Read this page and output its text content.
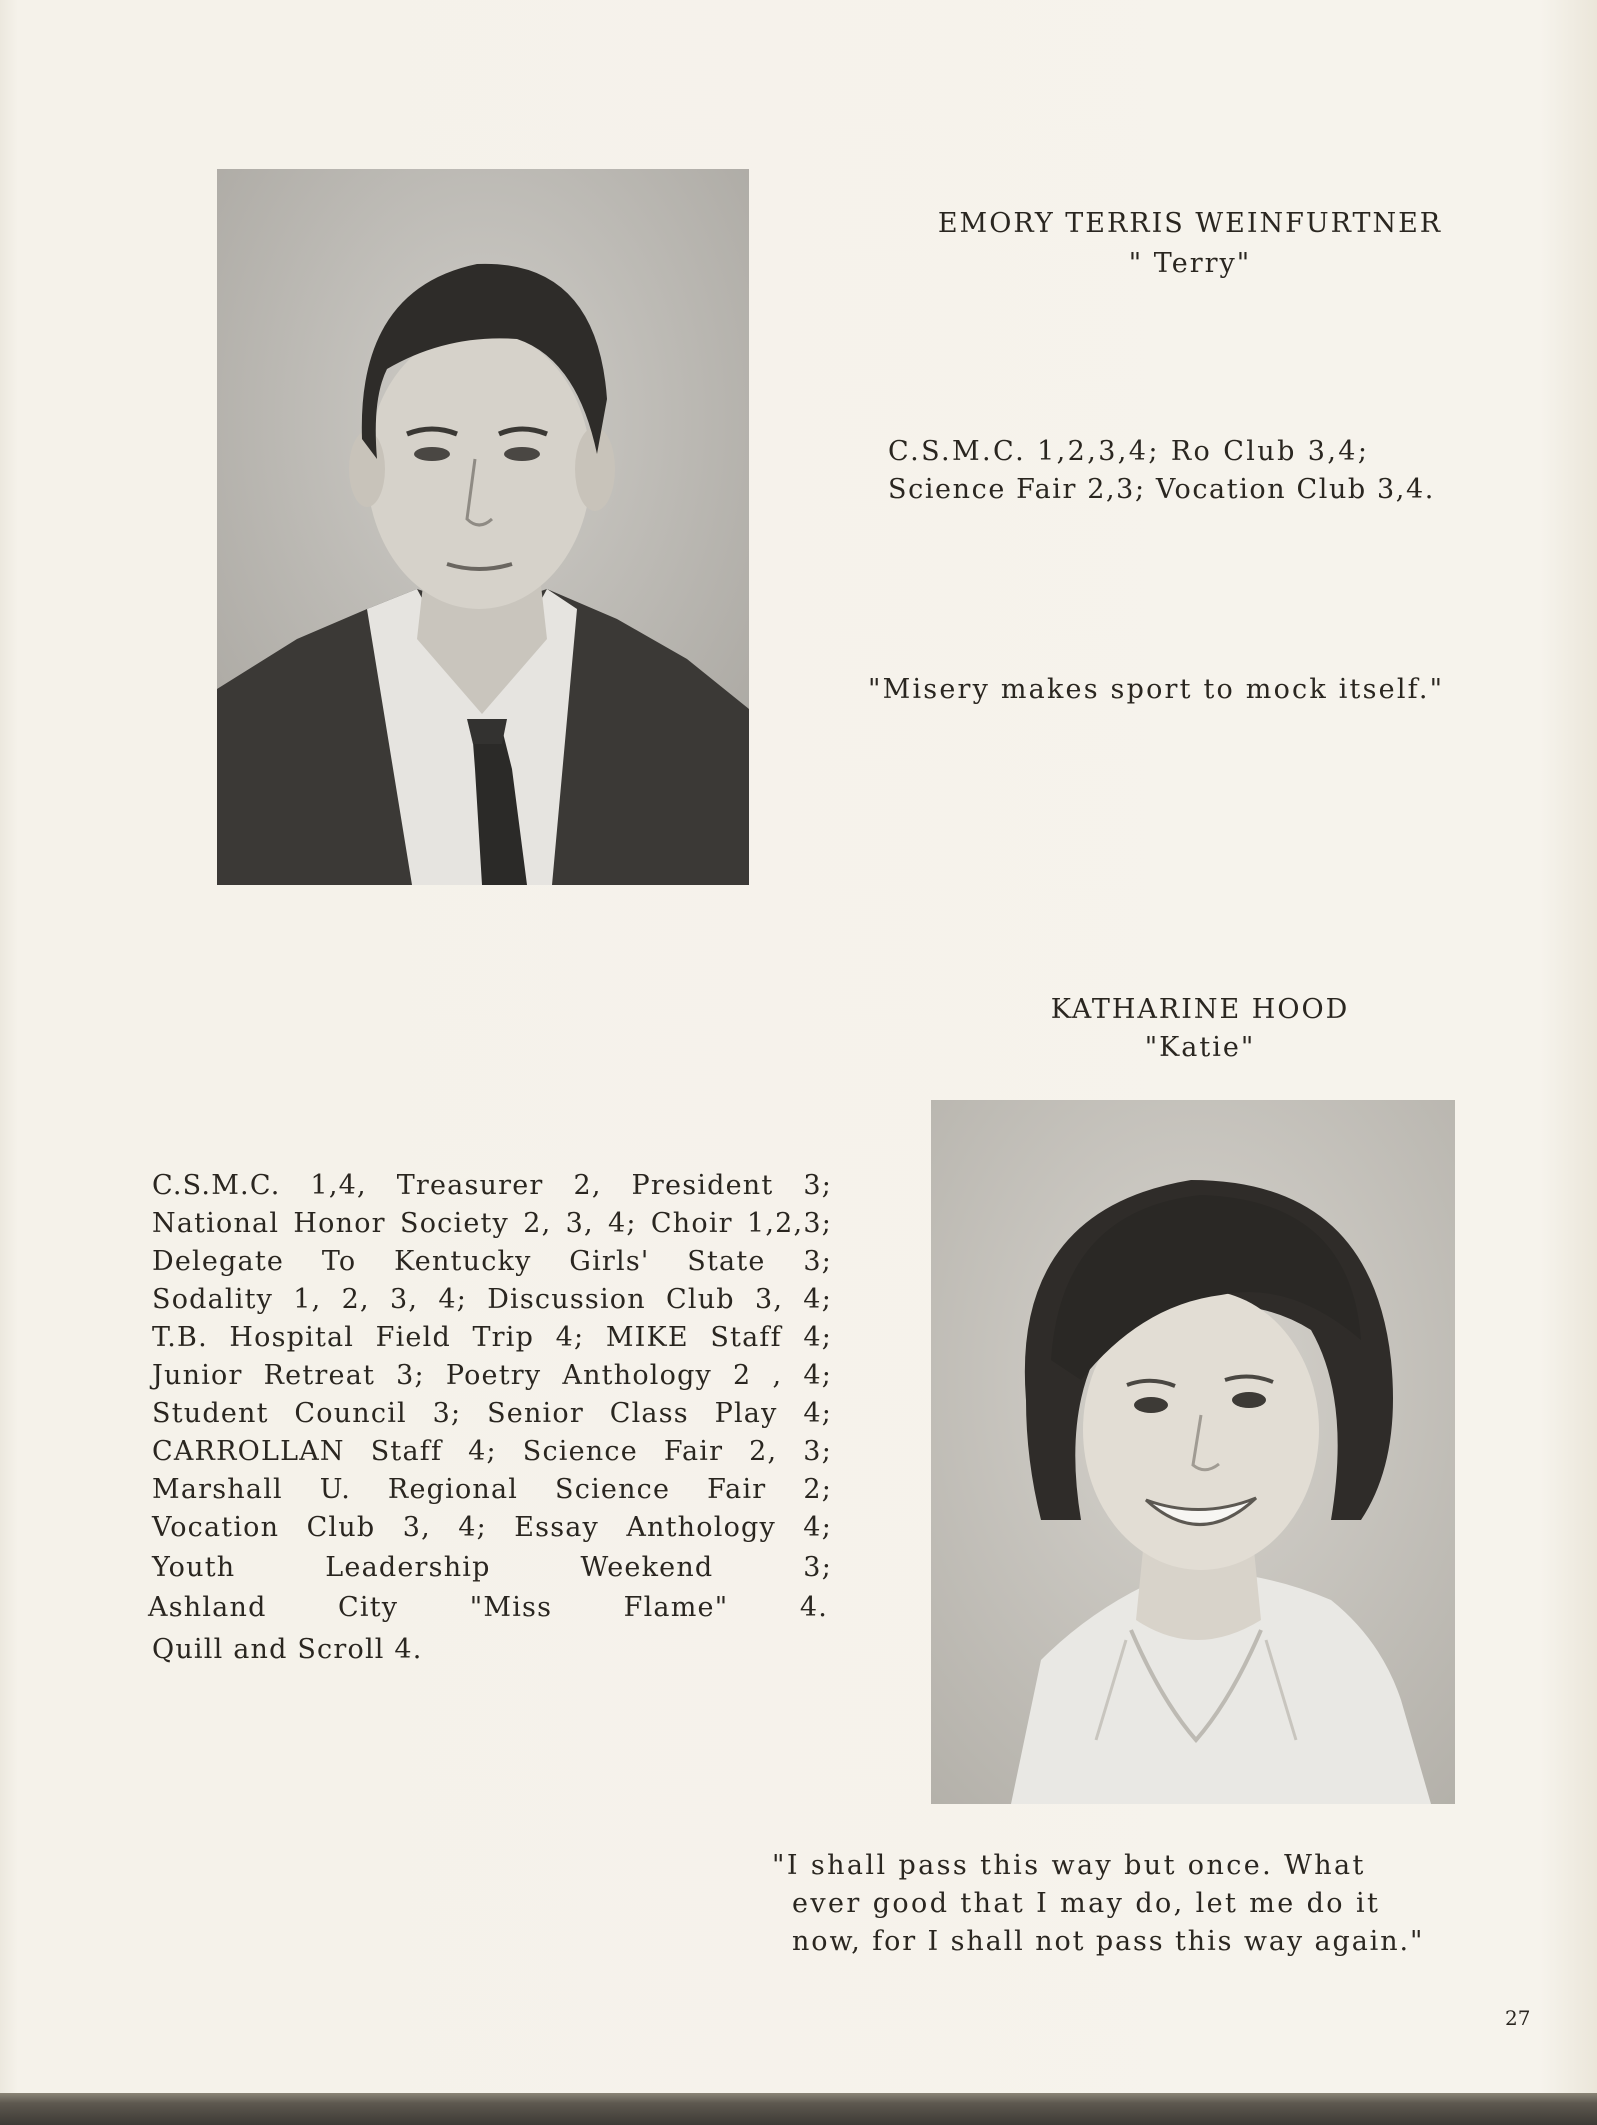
EMORY TERRIS WEINFURTNER
" Terry"
C.S.M.C. 1,2,3,4; Ro Club 3,4;
Science Fair 2,3; Vocation Club 3,4.
"Misery makes sport to mock itself."
KATHARINE HOOD
"Katie"
C.S.M.C. 1,4, Treasurer 2, President 3;
National Honor Society 2, 3, 4; Choir 1,2,3;
Delegate To Kentucky Girls' State 3;
Sodality 1, 2, 3, 4; Discussion Club 3, 4;
T.B. Hospital Field Trip 4; MIKE Staff 4;
Junior Retreat 3; Poetry Anthology 2 , 4;
Student Council 3; Senior Class Play 4;
CARROLLAN Staff 4; Science Fair 2, 3;
Marshall U. Regional Science Fair 2;
Vocation Club 3, 4; Essay Anthology 4;
Youth Leadership Weekend 3;
Ashland City "Miss Flame" 4.
Quill and Scroll 4.
"I shall pass this way but once. What
ever good that I may do, let me do it
now, for I shall not pass this way again."
27
